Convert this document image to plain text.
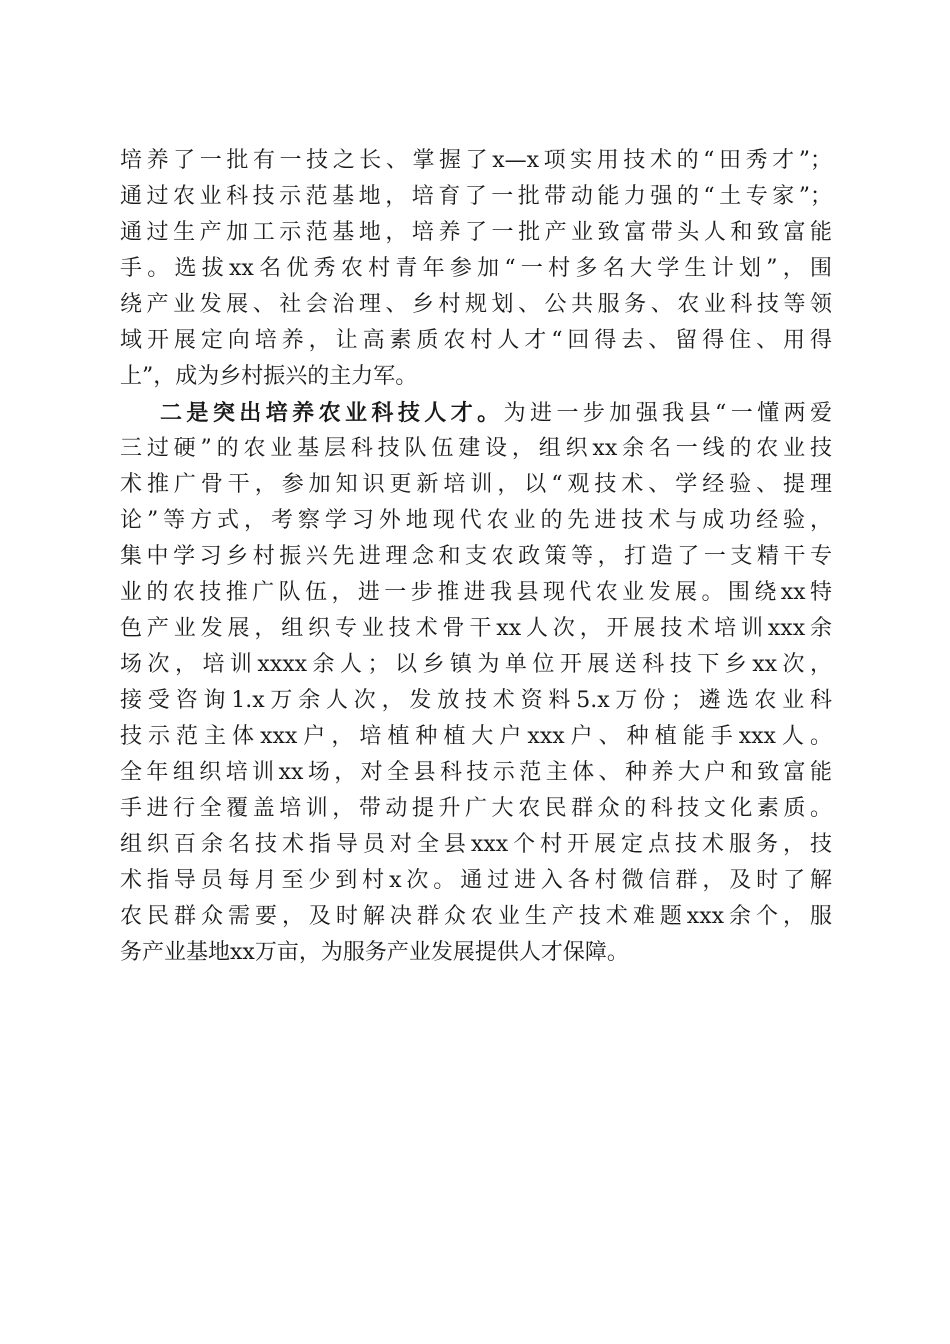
培养了一批有一技之长、掌握了x—x项实用技术的“田秀才”；
通过农业科技示范基地，培育了一批带动能力强的“土专家”；
通过生产加工示范基地，培养了一批产业致富带头人和致富能
手。选拔xx名优秀农村青年参加“一村多名大学生计划”，围
绕产业发展、社会治理、乡村规划、公共服务、农业科技等领
域开展定向培养，让高素质农村人才“回得去、留得住、用得
上”，成为乡村振兴的主力军。
二是突出培养农业科技人才。为进一步加强我县“一懂两爱
三过硬”的农业基层科技队伍建设，组织xx余名一线的农业技
术推广骨干，参加知识更新培训，以“观技术、学经验、提理
论”等方式，考察学习外地现代农业的先进技术与成功经验，
集中学习乡村振兴先进理念和支农政策等，打造了一支精干专
业的农技推广队伍，进一步推进我县现代农业发展。围绕xx特
色产业发展，组织专业技术骨干xx人次，开展技术培训xxx余
场次，培训xxxx余人；以乡镇为单位开展送科技下乡xx次，
接受咨询1.x万余人次，发放技术资料5.x万份；遴选农业科
技示范主体xxx户，培植种植大户xxx户、种植能手xxx人。
全年组织培训xx场，对全县科技示范主体、种养大户和致富能
手进行全覆盖培训，带动提升广大农民群众的科技文化素质。
组织百余名技术指导员对全县xxx个村开展定点技术服务，技
术指导员每月至少到村x次。通过进入各村微信群，及时了解
农民群众需要，及时解决群众农业生产技术难题xxx余个，服
务产业基地xx万亩，为服务产业发展提供人才保障。
